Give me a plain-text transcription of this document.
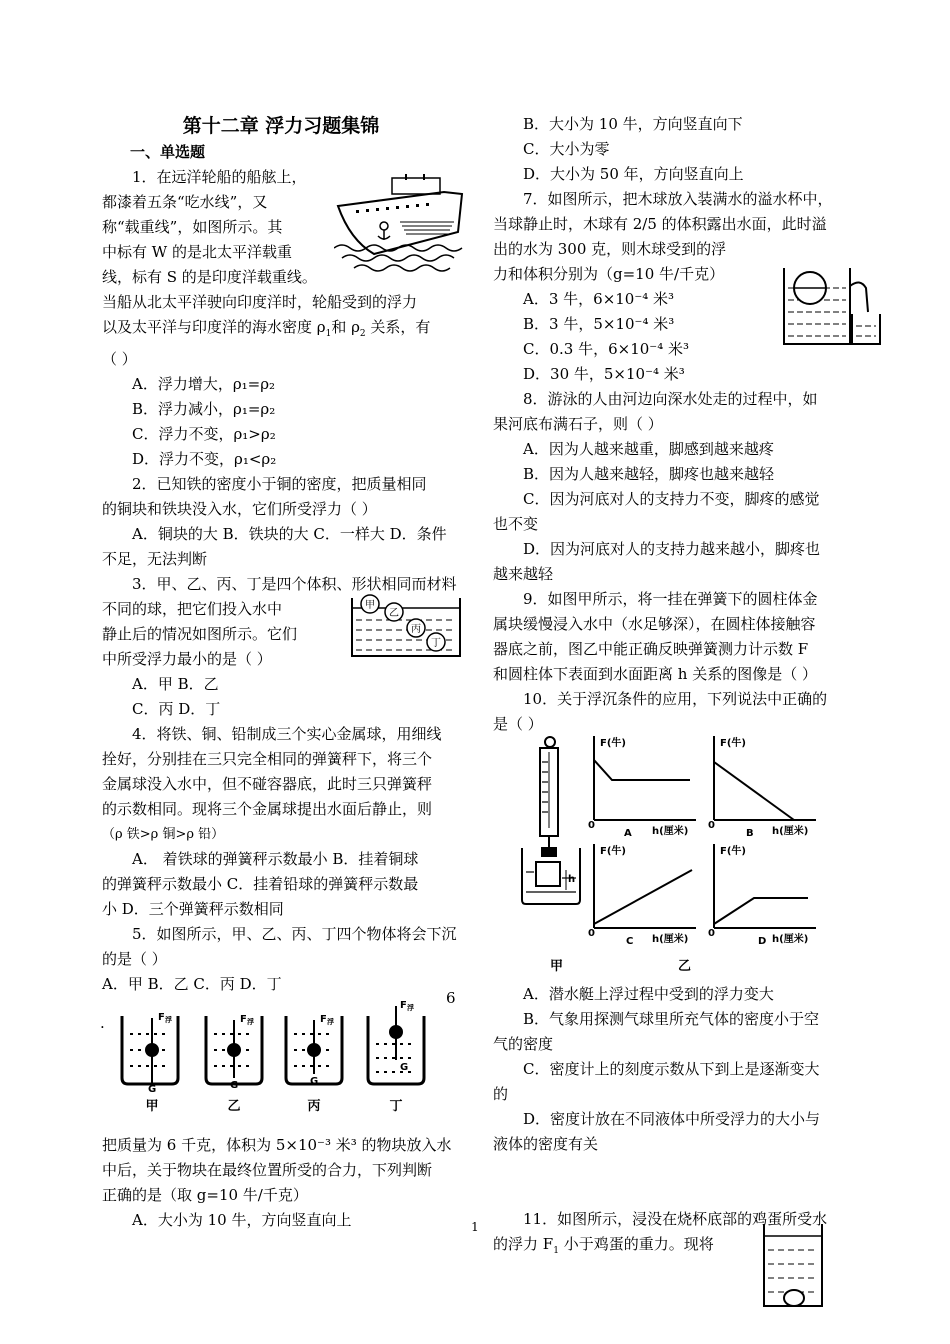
第十二章 浮力习题集锦

一、单选题

1．在远洋轮船的船舷上，

都漆着五条“吃水线”，又

称“载重线”，如图所示。其

中标有 W 的是北太平洋载重

线，标有 S 的是印度洋载重线。

当船从北太平洋驶向印度洋时，轮船受到的浮力

以及太平洋与印度洋的海水密度 $\rho_1$和 $\rho_2$ 关系，有

（ ）

A．浮力增大，ρ₁=ρ₂

B．浮力减小，ρ₁=ρ₂

C．浮力不变，ρ₁>ρ₂

D．浮力不变，ρ₁<ρ₂

2．已知铁的密度小于铜的密度，把质量相同

的铜块和铁块没入水，它们所受浮力（ ）

A．铜块的大 B．铁块的大 C．一样大 D．条件

不足，无法判断

3．甲、乙、丙、丁是四个体积、形状相同而材料

不同的球，把它们投入水中

静止后的情况如图所示。它们

中所受浮力最小的是（ ）

A．甲 B．乙

C．丙 D．丁

4．将铁、铜、铅制成三个实心金属球，用细线

拴好，分别挂在三只完全相同的弹簧秤下，将三个

金属球没入水中，但不碰容器底，此时三只弹簧秤

的示数相同。现将三个金属球提出水面后静止，则

（ρ 铁>ρ 铜>ρ 铅）

A． 着铁球的弹簧秤示数最小 B．挂着铜球

的弹簧秤示数最小 C．挂着铅球的弹簧秤示数最

小 D．三个弹簧秤示数相同

5．如图所示，甲、乙、丙、丁四个物体将会下沉

的是（ ）

A．甲 B．乙 C．丙 D．丁

6
.

把质量为 6 千克，体积为 5×10⁻³ 米³ 的物块放入水

中后，关于物块在最终位置所受的合力，下列判断

正确的是（取 g=10 牛/千克）

A．大小为 10 牛，方向竖直向上

B．大小为 10 牛，方向竖直向下

C．大小为零

D．大小为 50 年，方向竖直向上

7．如图所示，把木球放入装满水的溢水杯中，

当球静止时，木球有 2/5 的体积露出水面，此时溢

出的水为 300 克，则木球受到的浮

力和体积分别为（g=10 牛/千克）

A．3 牛，6×10⁻⁴ 米³

B．3 牛，5×10⁻⁴ 米³

C．0.3 牛，6×10⁻⁴ 米³

D．30 牛，5×10⁻⁴ 米³

8．游泳的人由河边向深水处走的过程中，如

果河底布满石子，则（ ）

A．因为人越来越重，脚感到越来越疼

B．因为人越来越轻，脚疼也越来越轻

C．因为河底对人的支持力不变，脚疼的感觉

也不变

D．因为河底对人的支持力越来越小，脚疼也

越来越轻

9．如图甲所示，将一挂在弹簧下的圆柱体金

属块缓慢浸入水中（水足够深），在圆柱体接触容

器底之前，图乙中能正确反映弹簧测力计示数 F

和圆柱体下表面到水面距离 h 关系的图像是（ ）

10．关于浮沉条件的应用，下列说法中正确的

是（ ）

A．潜水艇上浮过程中受到的浮力变大

B．气象用探测气球里所充气体的密度小于空

气的密度

C．密度计上的刻度示数从下到上是逐渐变大

的

D．密度计放在不同液体中所受浮力的大小与

液体的密度有关

11．如图所示，浸没在烧杯底部的鸡蛋所受水

的浮力 $F_1$ 小于鸡蛋的重力。现将

甲
乙
丙
丁
F 浮	F 浮	F 浮
F 浮
G	G	G
G
甲	乙	丙	丁
h
F(牛)	F(牛)
F(牛)	F(牛)
h(厘米)	h(厘米)
h(厘米)	h(厘米)
0	0
0	0
A	B
C	D
甲	乙
1
